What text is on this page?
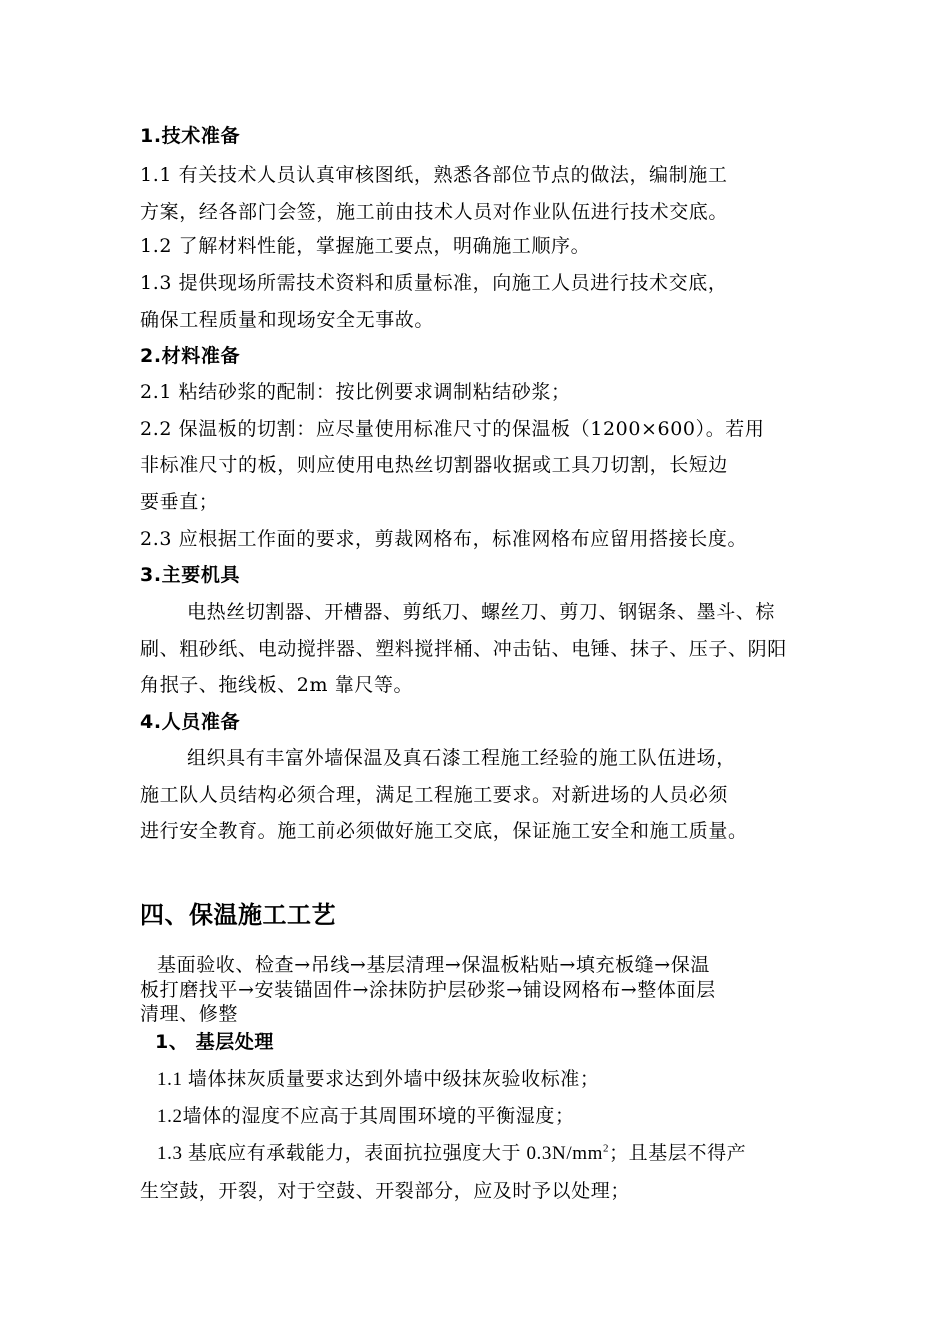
1.技术准备
1.1 有关技术人员认真审核图纸，熟悉各部位节点的做法，编制施工
方案，经各部门会签，施工前由技术人员对作业队伍进行技术交底。
1.2 了解材料性能，掌握施工要点，明确施工顺序。
1.3 提供现场所需技术资料和质量标准，向施工人员进行技术交底，
确保工程质量和现场安全无事故。
2.材料准备
2.1 粘结砂浆的配制：按比例要求调制粘结砂浆；
2.2 保温板的切割：应尽量使用标准尺寸的保温板（1200×600）。若用
非标准尺寸的板，则应使用电热丝切割器收据或工具刀切割，长短边
要垂直；
2.3 应根据工作面的要求，剪裁网格布，标准网格布应留用搭接长度。
3.主要机具
电热丝切割器、开槽器、剪纸刀、螺丝刀、剪刀、钢锯条、墨斗、棕
刷、粗砂纸、电动搅拌器、塑料搅拌桶、冲击钻、电锤、抹子、压子、阴阳
角抿子、拖线板、2m 靠尺等。
4.人员准备
组织具有丰富外墙保温及真石漆工程施工经验的施工队伍进场，
施工队人员结构必须合理，满足工程施工要求。对新进场的人员必须
进行安全教育。施工前必须做好施工交底，保证施工安全和施工质量。
四、保温施工工艺
基面验收、检查→吊线→基层清理→保温板粘贴→填充板缝→保温
板打磨找平→安装锚固件→涂抹防护层砂浆→铺设网格布→整体面层
清理、修整
1、 基层处理
1.1 墙体抹灰质量要求达到外墙中级抹灰验收标准；
1.2墙体的湿度不应高于其周围环境的平衡湿度；
1.3 基底应有承载能力，表面抗拉强度大于 $0.3N/mm^2$；且基层不得产
生空鼓，开裂，对于空鼓、开裂部分，应及时予以处理；
